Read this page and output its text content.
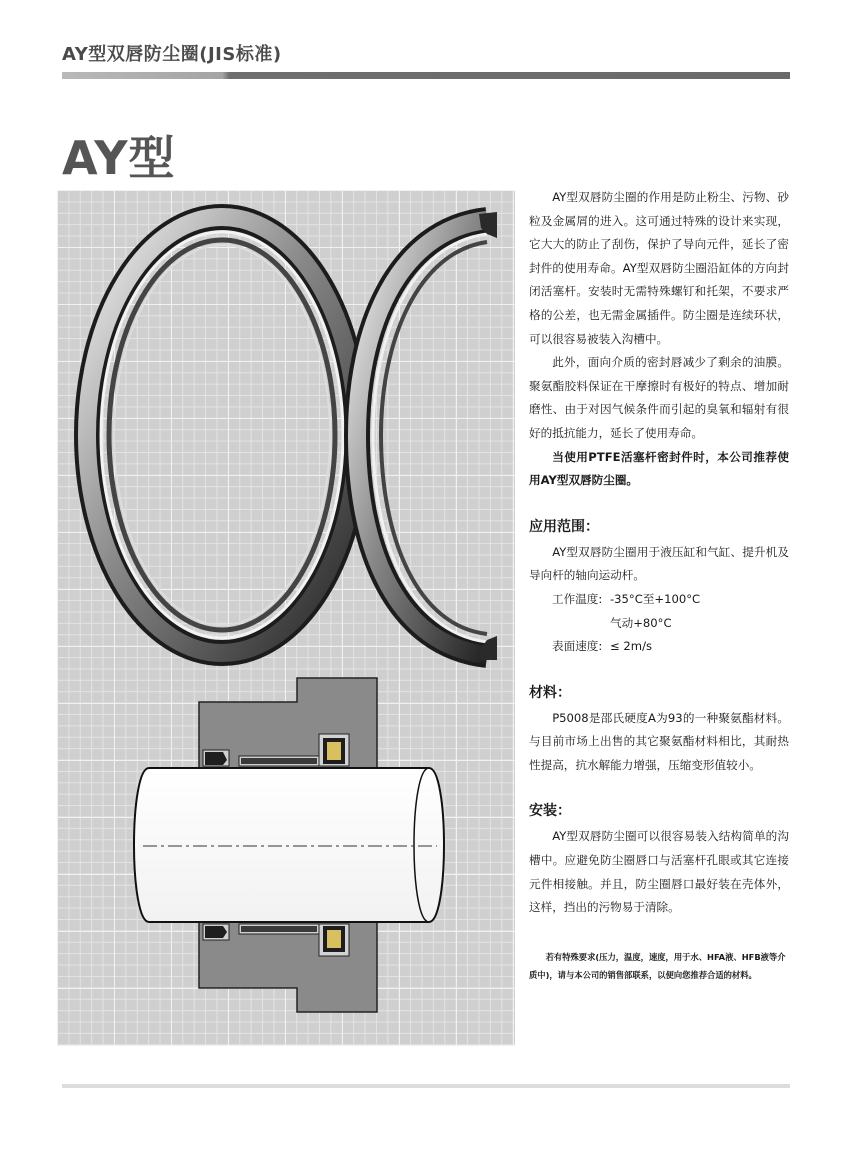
AY型双唇防尘圈(JIS标准)
AY型

AY型双唇防尘圈的作用是防止粉尘、污物、砂粒及金属屑的进入。这可通过特殊的设计来实现，它大大的防止了刮伤，保护了导向元件，延长了密封件的使用寿命。AY型双唇防尘圈沿缸体的方向封闭活塞杆。安装时无需特殊螺钉和托架，不要求严格的公差，也无需金属插件。防尘圈是连续环状，可以很容易被装入沟槽中。

此外，面向介质的密封唇减少了剩余的油膜。聚氨酯胶料保证在干摩擦时有极好的特点、增加耐磨性、由于对因气候条件而引起的臭氧和辐射有很好的抵抗能力，延长了使用寿命。

当使用PTFE活塞杆密封件时，本公司推荐使用AY型双唇防尘圈。

应用范围：

AY型双唇防尘圈用于液压缸和气缸、提升机及导向杆的轴向运动杆。

工作温度: -35°C至+100°C
气动+80°C
表面速度: ≤ 2m/s
材料：

P5008是邵氏硬度A为93的一种聚氨酯材料。与目前市场上出售的其它聚氨酯材料相比，其耐热性提高，抗水解能力增强，压缩变形值较小。

安装：

AY型双唇防尘圈可以很容易装入结构简单的沟槽中。应避免防尘圈唇口与活塞杆孔眼或其它连接元件相接触。并且，防尘圈唇口最好装在壳体外，这样，挡出的污物易于清除。

若有特殊要求(压力，温度，速度，用于水、HFA液、HFB液等介质中)，请与本公司的销售部联系，以便向您推荐合适的材料。
